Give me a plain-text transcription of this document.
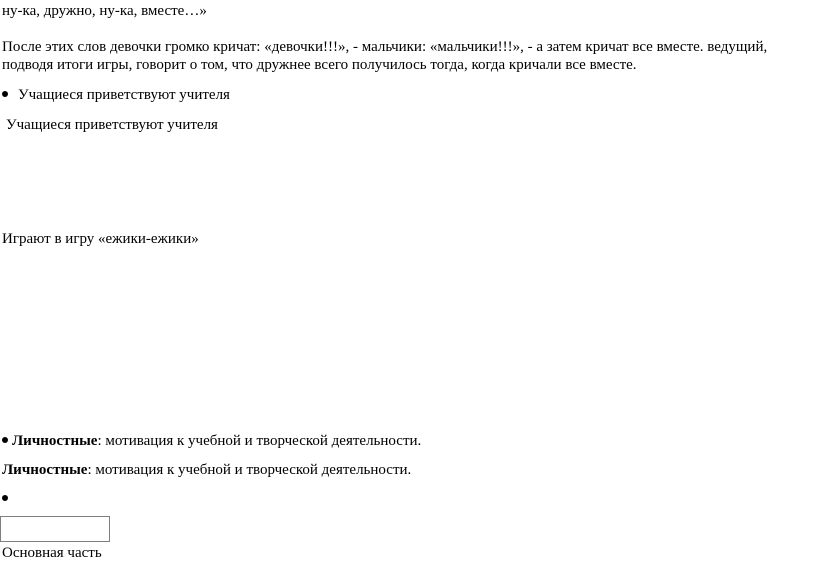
ну-ка, дружно, ну-ка, вместе…»
После этих слов девочки громко кричат: «девочки!!!», - мальчики: «мальчики!!!», - а затем кричат все вместе. ведущий, подводя итоги игры, говорит о том, что дружнее всего получилось тогда, когда кричали все вместе.
Учащиеся приветствуют учителя
Учащиеся приветствуют учителя
Играют в игру «ежики-ежики»
Личностные: мотивация к учебной и творческой деятельности.
Личностные: мотивация к учебной и творческой деятельности.
Основная часть
